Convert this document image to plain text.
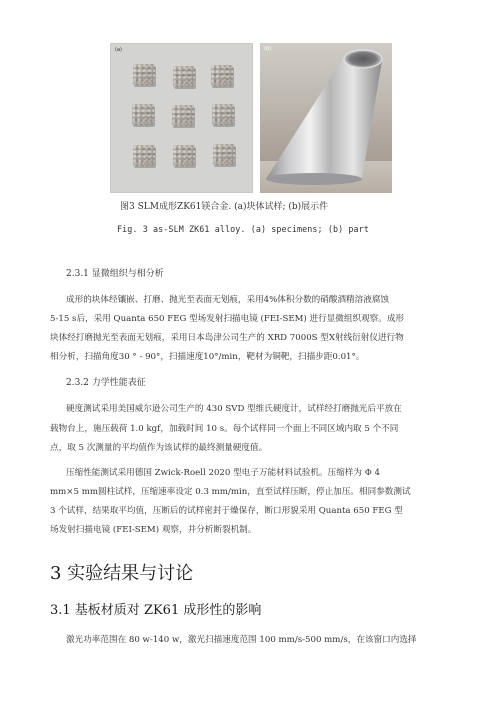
(a)	(b)
图3 SLM成形ZK61镁合金. (a)块体试样; (b)展示件
Fig. 3 as-SLM ZK61 alloy. (a) specimens; (b) part
2.3.1 显微组织与相分析
成形的块体经镶嵌、打磨、抛光至表面无划痕，采用4%体积分数的硝酸酒精溶液腐蚀
5-15 s后，采用 Quanta 650 FEG 型场发射扫描电镜 (FEI-SEM) 进行显微组织观察。成形
块体经打磨抛光至表面无划痕，采用日本岛津公司生产的 XRD 7000S 型X射线衍射仪进行物
相分析，扫描角度30 ° - 90°，扫描速度10°/min，靶材为铜靶，扫描步距0.01°。
2.3.2 力学性能表征
硬度测试采用美国威尔逊公司生产的 430 SVD 型维氏硬度计，试样经打磨抛光后平放在
载物台上，施压载荷 1.0 kgf，加载时间 10 s。每个试样同一个面上不同区域内取 5 个不同
点，取 5 次测量的平均值作为该试样的最终测量硬度值。
压缩性能测试采用德国 Zwick-Roell 2020 型电子万能材料试验机。压缩样为 Φ 4
mm×5 mm圆柱试样，压缩速率设定 0.3 mm/min，直至试样压断，停止加压。相同参数测试
3 个试样，结果取平均值，压断后的试样密封于燥保存，断口形貌采用 Quanta 650 FEG 型
场发射扫描电镜 (FEI-SEM) 观察，并分析断裂机制。
3 实验结果与讨论
3.1 基板材质对 ZK61 成形性的影响
激光功率范围在 80 w-140 w，激光扫描速度范围 100 mm/s-500 mm/s，在该窗口内选择
